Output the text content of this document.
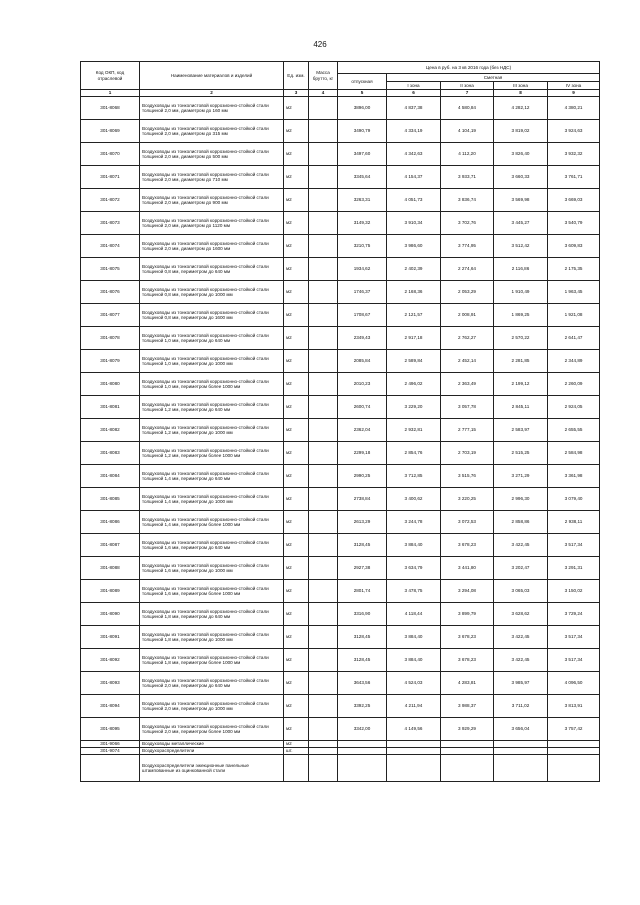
426
Код ОКП, код отраслевой	Наименование материалов и изделий	Ед. изм.	Масса брутто, кг	Цена в руб. на 3 кв 2016 года (без НДС)				
				отпускная	Сметная			
					I зона	II зона	III зона	IV зона
1	2	3	4	5	6	7	8	9
301-8068	Воздуховоды из тонколистовой коррозионно-стойкой стали толщиной 2,0 мм, диаметром до 160 мм	м2		3896,00	4 837,38	4 580,84	4 282,12	4 380,21
301-8069	Воздуховоды из тонколистовой коррозионно-стойкой стали толщиной 2,0 мм, диаметром до 315 мм	м2		3490,79	4 334,19	4 104,19	3 819,02	3 924,63
301-8070	Воздуховоды из тонколистовой коррозионно-стойкой стали толщиной 2,0 мм, диаметром до 500 мм	м2		3497,60	4 342,63	4 112,20	3 826,40	3 932,32
301-8071	Воздуховоды из тонколистовой коррозионно-стойкой стали толщиной 2,0 мм, диаметром до 710 мм	м2		3345,64	4 154,37	3 933,71	3 660,33	3 761,71
301-8072	Воздуховоды из тонколистовой коррозионно-стойкой стали толщиной 2,0 мм, диаметром до 900 мм	м2		3263,31	4 051,73	3 836,74	3 569,98	3 669,03
301-8073	Воздуховоды из тонколистовой коррозионно-стойкой стали толщиной 2,0 мм, диаметром до 1120 мм	м2		3149,32	3 910,34	3 702,76	3 445,27	3 540,79
301-8074	Воздуховоды из тонколистовой коррозионно-стойкой стали толщиной 2,0 мм, диаметром до 1600 мм	м2		3210,75	3 986,60	3 774,95	3 512,42	3 609,83
301-8075	Воздуховоды из тонколистовой коррозионно-стойкой стали толщиной 0,8 мм, периметром до 640 мм	м2		1934,62	2 402,39	2 274,64	2 116,86	2 175,35
301-8076	Воздуховоды из тонколистовой коррозионно-стойкой стали толщиной 0,8 мм, периметром до 1000 мм	м2		1746,37	2 168,36	2 053,29	1 910,49	1 963,45
301-8077	Воздуховоды из тонколистовой коррозионно-стойкой стали толщиной 0,8 мм, периметром до 1600 мм	м2		1708,67	2 121,57	2 008,91	1 869,25	1 921,08
301-8078	Воздуховоды из тонколистовой коррозионно-стойкой стали толщиной 1,0 мм, периметром до 640 мм	м2		2349,43	2 917,18	2 762,27	2 570,22	2 641,47
301-8079	Воздуховоды из тонколистовой коррозионно-стойкой стали толщиной 1,0 мм, периметром до 1000 мм	м2		2085,84	2 589,84	2 452,14	2 281,85	2 344,89
301-8080	Воздуховоды из тонколистовой коррозионно-стойкой стали толщиной 1,0 мм, периметром более 1000 мм	м2		2010,23	2 496,02	2 363,49	2 199,12	2 260,09
301-8081	Воздуховоды из тонколистовой коррозионно-стойкой стали толщиной 1,2 мм, периметром до 640 мм	м2		2600,74	3 229,20	3 057,78	2 845,11	2 924,05
301-8082	Воздуховоды из тонколистовой коррозионно-стойкой стали толщиной 1,2 мм, периметром до 1000 мм	м2		2362,04	2 932,81	2 777,15	2 583,97	2 655,55
301-8083	Воздуховоды из тонколистовой коррозионно-стойкой стали толщиной 1,2 мм, периметром более 1000 мм	м2		2299,18	2 854,76	2 703,19	2 515,25	2 584,98
301-8084	Воздуховоды из тонколистовой коррозионно-стойкой стали толщиной 1,4 мм, периметром до 640 мм	м2		2990,25	3 712,85	3 515,76	3 271,29	3 361,98
301-8085	Воздуховоды из тонколистовой коррозионно-стойкой стали толщиной 1,4 мм, периметром до 1000 мм	м2		2738,84	3 400,62	3 220,25	2 996,30	3 079,40
301-8086	Воздуховоды из тонколистовой коррозионно-стойкой стали толщиной 1,4 мм, периметром более 1000 мм	м2		2613,29	3 244,78	3 072,53	2 858,86	2 938,11
301-8087	Воздуховоды из тонколистовой коррозионно-стойкой стали толщиной 1,6 мм, периметром до 640 мм	м2		3128,45	3 884,40	3 678,23	3 422,45	3 517,34
301-8088	Воздуховоды из тонколистовой коррозионно-стойкой стали толщиной 1,6 мм, периметром до 1000 мм	м2		2927,38	3 634,79	3 441,80	3 202,47	3 291,31
301-8089	Воздуховоды из тонколистовой коррозионно-стойкой стали толщиной 1,6 мм, периметром более 1000 мм	м2		2801,74	3 478,75	3 294,08	3 065,03	3 150,02
301-8090	Воздуховоды из тонколистовой коррозионно-стойкой стали толщиной 1,8 мм, периметром до 640 мм	м2		3316,90	4 118,44	3 899,79	3 628,62	3 729,24
301-8091	Воздуховоды из тонколистовой коррозионно-стойкой стали толщиной 1,8 мм, периметром до 1000 мм	м2		3128,45	3 884,40	3 678,23	3 422,45	3 517,34
301-8092	Воздуховоды из тонколистовой коррозионно-стойкой стали толщиной 1,8 мм, периметром более 1000 мм	м2		3128,45	3 884,40	3 678,23	3 422,45	3 517,34
301-8093	Воздуховоды из тонколистовой коррозионно-стойкой стали толщиной 2,0 мм, периметром до 640 мм	м2		3643,56	4 524,03	4 283,81	3 985,97	4 096,50
301-8094	Воздуховоды из тонколистовой коррозионно-стойкой стали толщиной 2,0 мм, периметром до 1000 мм	м2		3392,25	4 211,94	3 988,37	3 711,02	3 813,91
301-8095	Воздуховоды из тонколистовой коррозионно-стойкой стали толщиной 2,0 мм, периметром более 1000 мм	м2		3342,00	4 149,56	3 929,29	3 656,04	3 757,42
301-9066	Воздуховоды металлические	м2						
301-9074	Воздухораспределители	шт.						
	Воздухораспределители эжекционные панельные штампованные из оцинкованной стали							
